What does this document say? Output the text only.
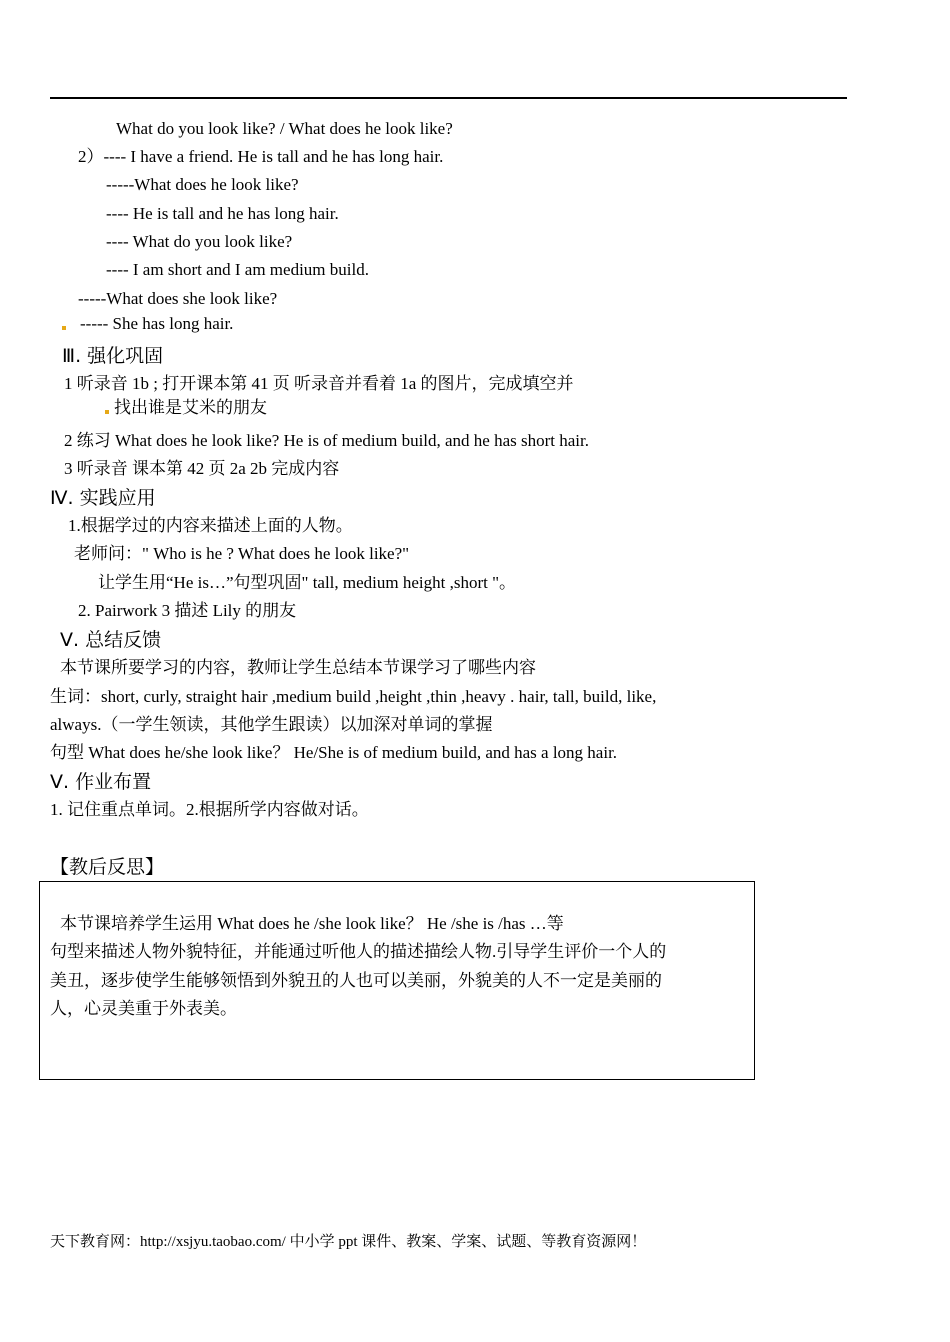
What do you look like? / What does he look like?
2）---- I have a friend. He is tall and he has long hair.
-----What does he look like?
---- He is tall and he has long hair.
---- What do you look like?
---- I am short and I am medium build.
-----What does she look like?
----- She has long hair.
Ⅲ. 强化巩固
1 听录音 1b ; 打开课本第 41 页 听录音并看着 1a 的图片，完成填空并
找出谁是艾米的朋友
2 练习 What does he look like? He is of medium build, and he has short hair.
3 听录音 课本第 42 页 2a 2b 完成内容
Ⅳ. 实践应用
1.根据学过的内容来描述上面的人物。
老师问：" Who is he ? What does he look like?"
让学生用“He is…”句型巩固" tall, medium height ,short "。
2. Pairwork 3 描述 Lily 的朋友
Ⅴ. 总结反馈
本节课所要学习的内容，教师让学生总结本节课学习了哪些内容
生词：short, curly, straight hair ,medium build ,height ,thin ,heavy . hair, tall, build, like,
always.（一学生领读，其他学生跟读）以加深对单词的掌握
句型 What does he/she look like？ He/She is of medium build, and has a long hair.
Ⅴ. 作业布置
1. 记住重点单词。2.根据所学内容做对话。
【教后反思】
本节课培养学生运用 What does he /she look like？ He /she is /has …等
句型来描述人物外貌特征，并能通过听他人的描述描绘人物.引导学生评价一个人的
美丑，逐步使学生能够领悟到外貌丑的人也可以美丽，外貌美的人不一定是美丽的
人，心灵美重于外表美。
天下教育网：http://xsjyu.taobao.com/ 中小学 ppt 课件、教案、学案、试题、等教育资源网！
